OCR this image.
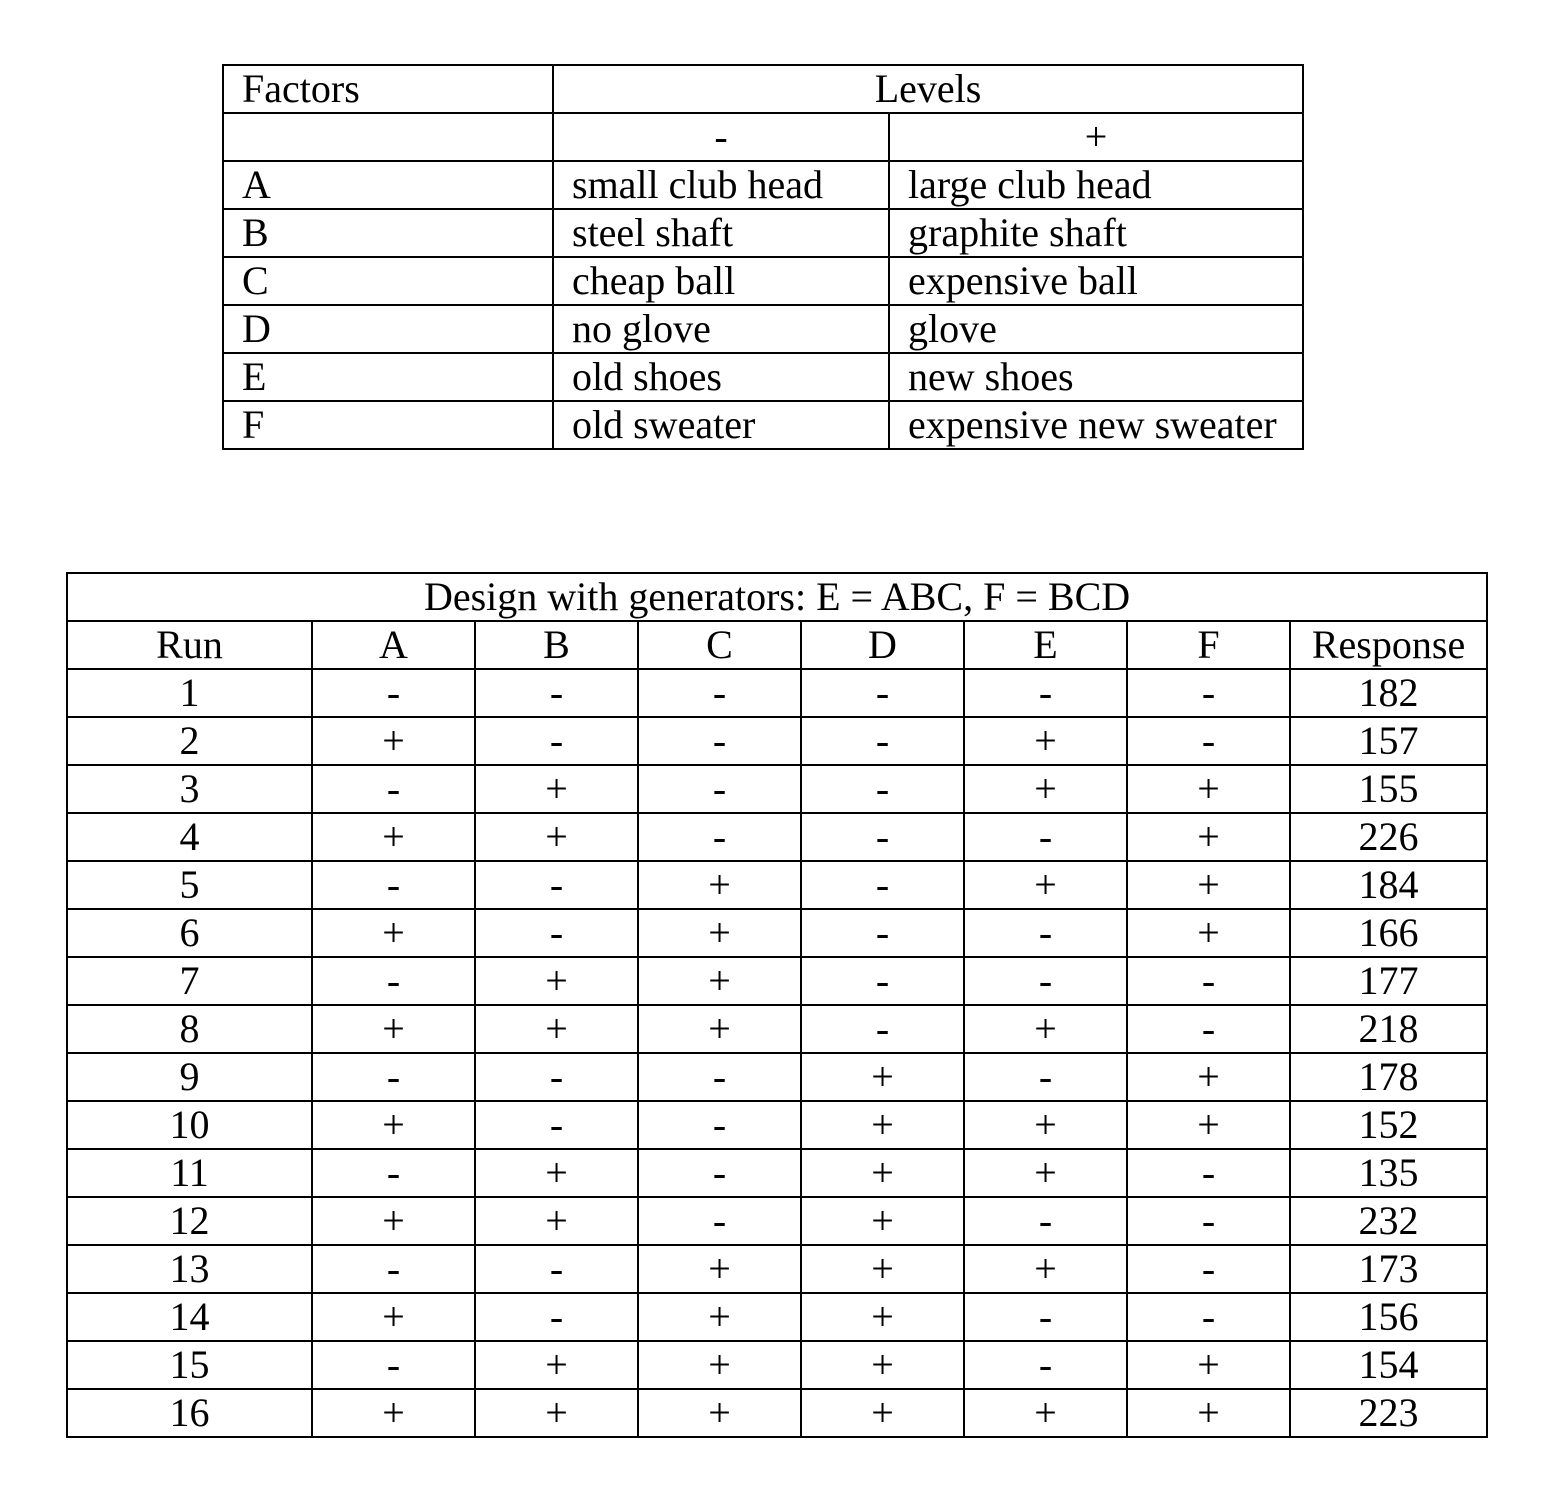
Factors	Levels	
	-	+
A	small club head	large club head
B	steel shaft	graphite shaft
C	cheap ball	expensive ball
D	no glove	glove
E	old shoes	new shoes
F	old sweater	expensive new sweater
Design with generators: E = ABC, F = BCD							
Run	A	B	C	D	E	F	Response
1	-	-	-	-	-	-	182
2	+	-	-	-	+	-	157
3	-	+	-	-	+	+	155
4	+	+	-	-	-	+	226
5	-	-	+	-	+	+	184
6	+	-	+	-	-	+	166
7	-	+	+	-	-	-	177
8	+	+	+	-	+	-	218
9	-	-	-	+	-	+	178
10	+	-	-	+	+	+	152
11	-	+	-	+	+	-	135
12	+	+	-	+	-	-	232
13	-	-	+	+	+	-	173
14	+	-	+	+	-	-	156
15	-	+	+	+	-	+	154
16	+	+	+	+	+	+	223
